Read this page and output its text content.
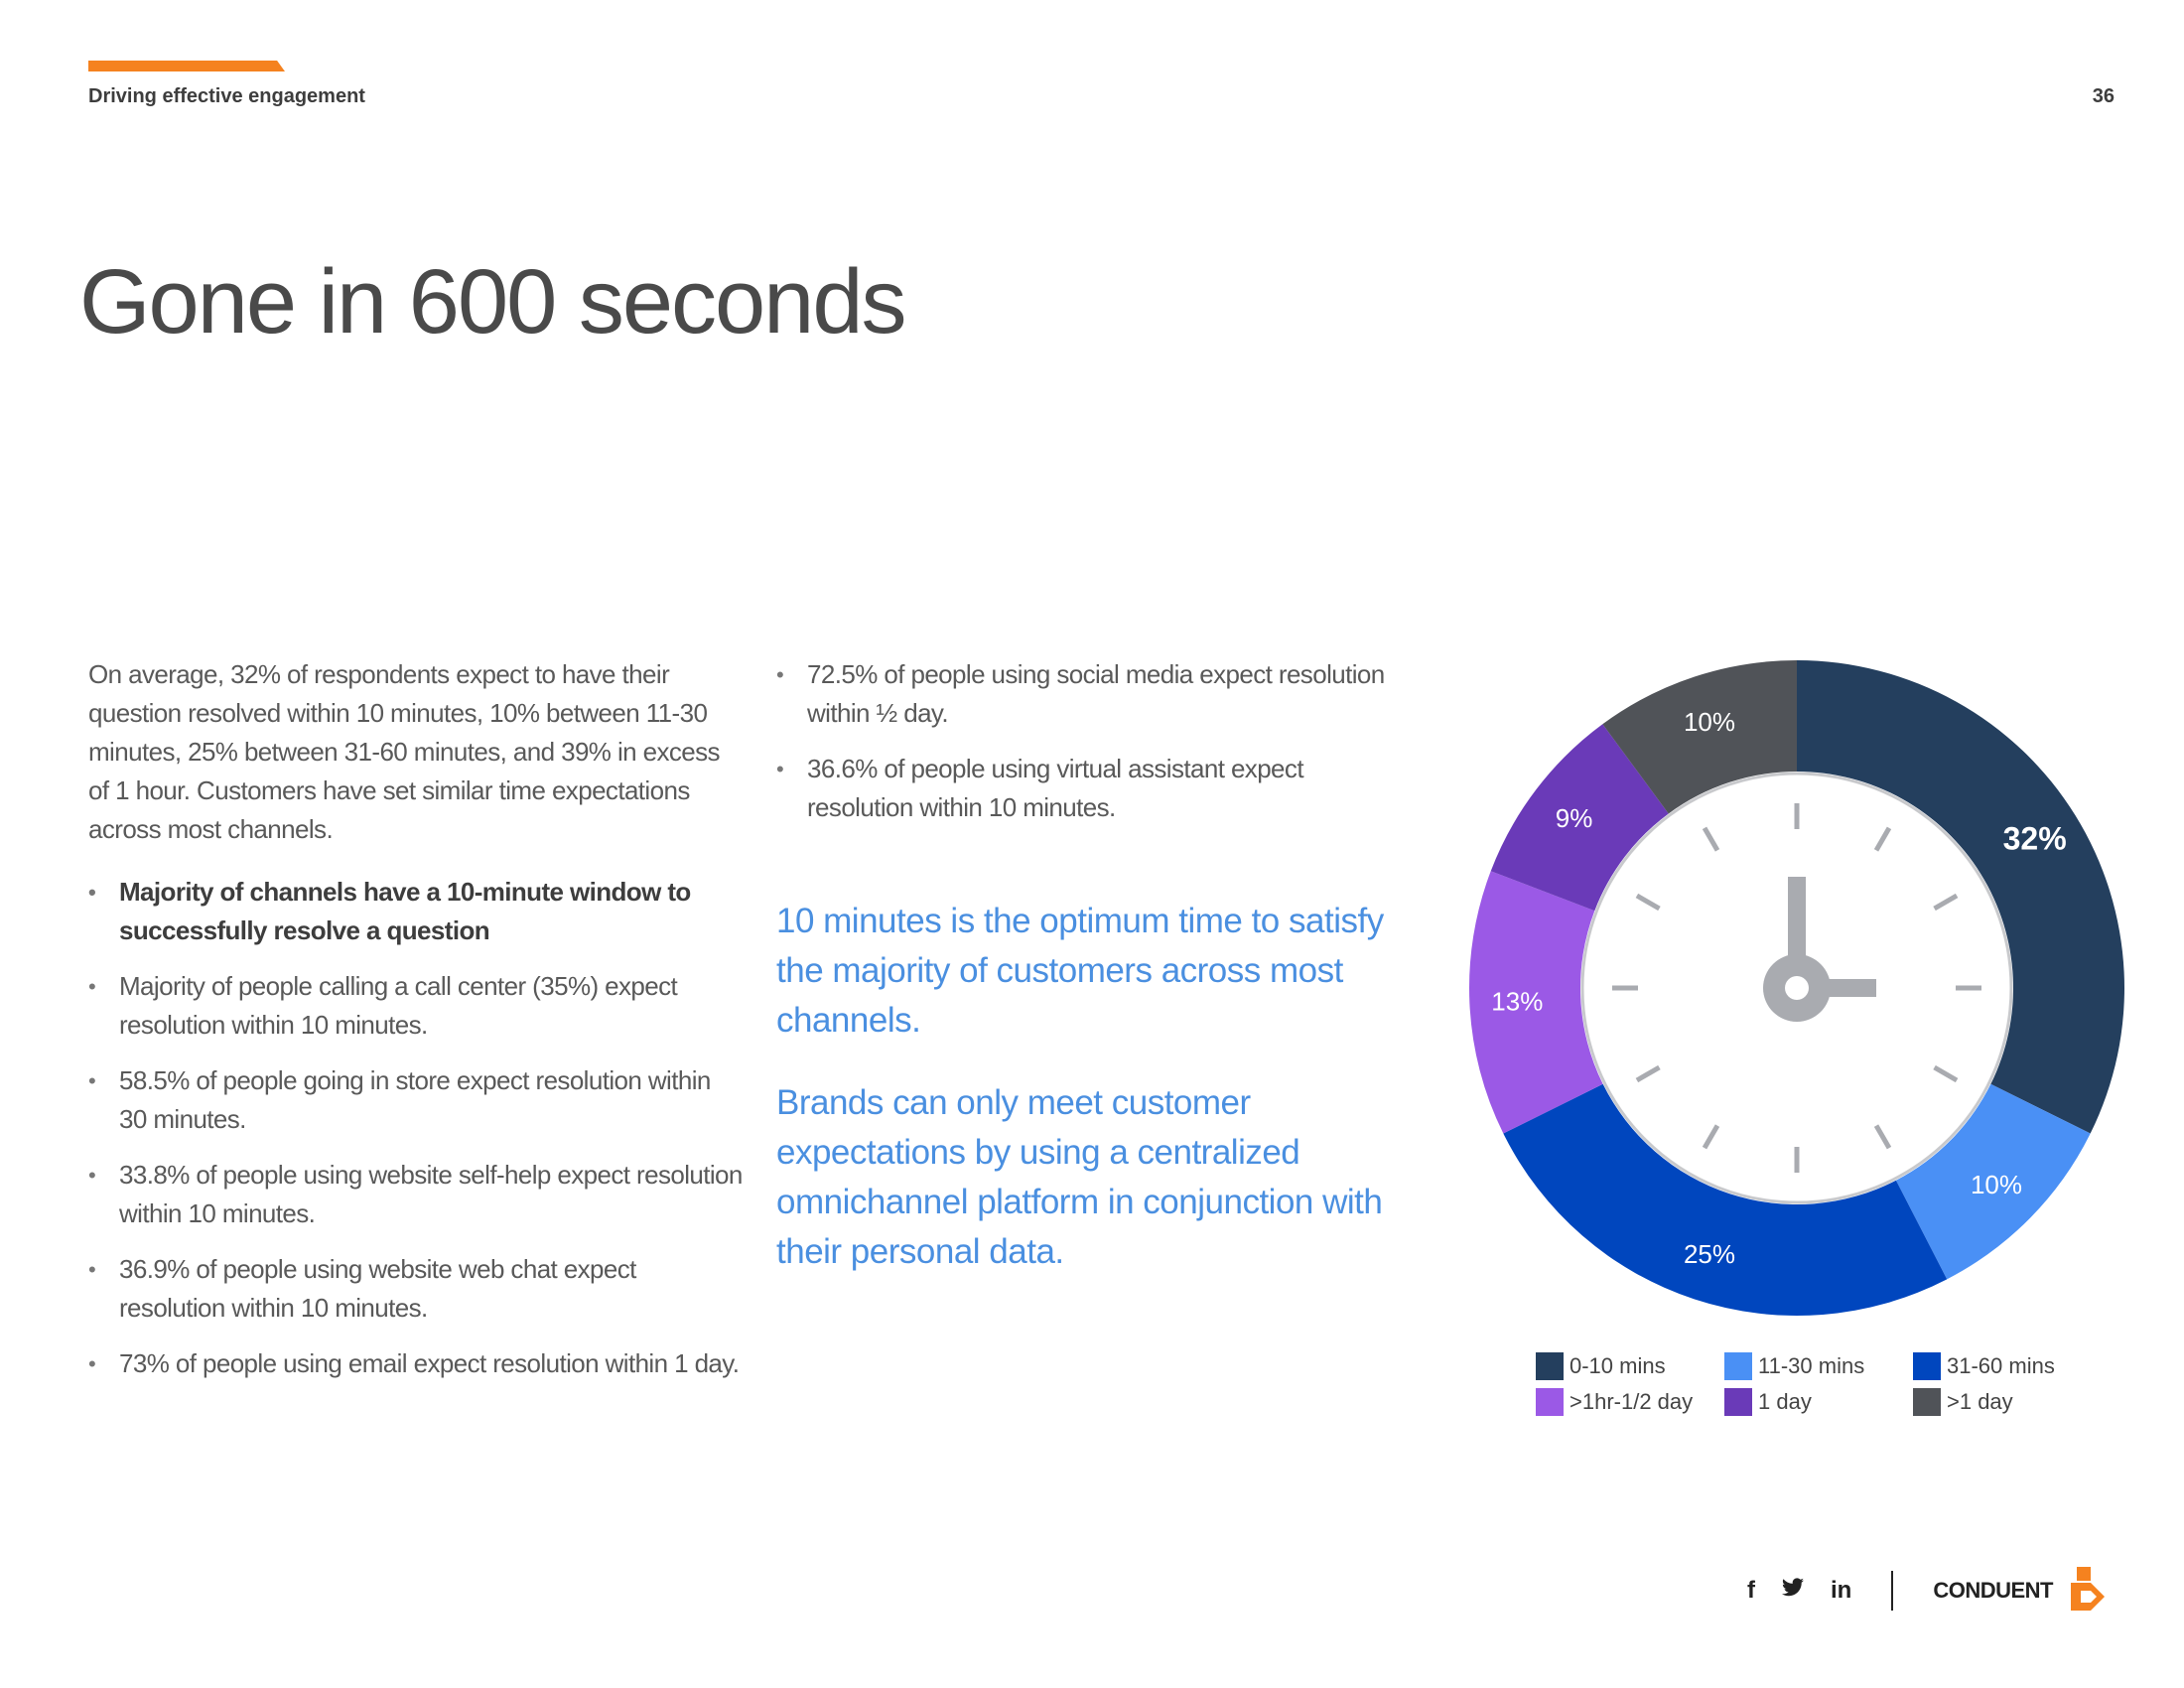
Driving effective engagement	36
Gone in 600 seconds

On average, 32% of respondents expect to have their question resolved within 10 minutes, 10% between 11-30 minutes, 25% between 31-60 minutes, and 39% in excess of 1 hour. Customers have set similar time expectations across most channels.

• Majority of channels have a 10-minute window to successfully resolve a question
• Majority of people calling a call center (35%) expect resolution within 10 minutes.
• 58.5% of people going in store expect resolution within 30 minutes.
• 33.8% of people using website self-help expect resolution within 10 minutes.
• 36.9% of people using website web chat expect resolution within 10 minutes.
• 73% of people using email expect resolution within 1 day.
• 72.5% of people using social media expect resolution within ½ day.
• 36.6% of people using virtual assistant expect resolution within 10 minutes.

10 minutes is the optimum time to satisfy the majority of customers across most channels.

Brands can only meet customer expectations by using a centralized omnichannel platform in conjunction with their personal data.

32%
10%
25%
13%
9%
10%
0-10 mins	11-30 mins	31-60 mins
>1hr-1/2 day	1 day	>1 day
f	in	CONDUENT
